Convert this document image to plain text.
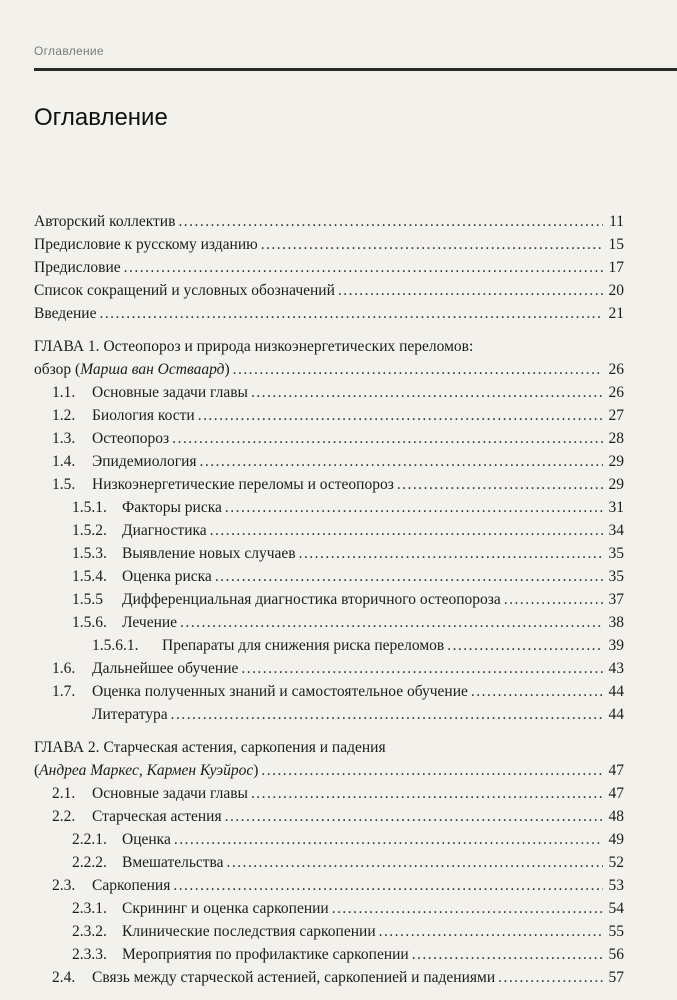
Оглавление
Оглавление
Авторский коллектив . . .	11
Предисловие к русскому изданию . . .	15
Предисловие . . .	17
Список сокращений и условных обозначений . . .	20
Введение . . .	21
ГЛАВА 1. Остеопороз и природа низкоэнергетических переломов:
обзор (Марша ван Остваард) . . .	26
1.1.	Основные задачи главы . . .	26
1.2.	Биология кости . . .	27
1.3.	Остеопороз . . .	28
1.4.	Эпидемиология . . .	29
1.5.	Низкоэнергетические переломы и остеопороз . . .	29
1.5.1. Факторы риска . . .	31
1.5.2. Диагностика . . .	34
1.5.3. Выявление новых случаев . . .	35
1.5.4. Оценка риска . . .	35
1.5.5	Дифференциальная диагностика вторичного остеопороза . . .	37
1.5.6. Лечение . . .	38
1.5.6.1.	Препараты для снижения риска переломов . . .	39
1.6.	Дальнейшее обучение . . .	43
1.7.	Оценка полученных знаний и самостоятельное обучение . . .	44
Литература . . .	44
ГЛАВА 2. Старческая астения, саркопения и падения
(Андреа Маркес, Кармен Куэйрос) . . .	47
2.1.	Основные задачи главы . . .	47
2.2.	Старческая астения . . .	48
2.2.1. Оценка . . .	49
2.2.2. Вмешательства . . .	52
2.3.	Саркопения . . .	53
2.3.1. Скрининг и оценка саркопении . . .	54
2.3.2. Клинические последствия саркопении . . .	55
2.3.3. Мероприятия по профилактике саркопении . . .	56
2.4.	Связь между старческой астенией, саркопенией и падениями . . .	57
